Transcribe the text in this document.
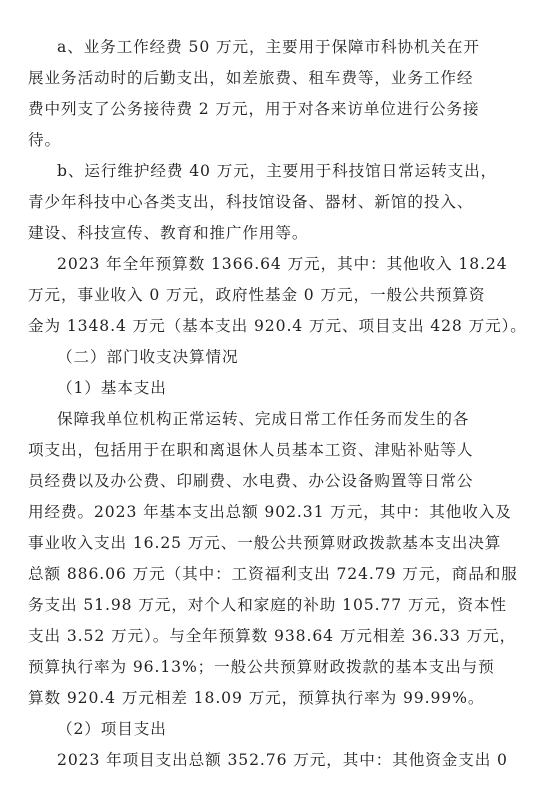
a、业务工作经费 50 万元，主要用于保障市科协机关在开
展业务活动时的后勤支出，如差旅费、租车费等，业务工作经
费中列支了公务接待费 2 万元，用于对各来访单位进行公务接
待。
b、运行维护经费 40 万元，主要用于科技馆日常运转支出，
青少年科技中心各类支出，科技馆设备、器材、新馆的投入、
建设、科技宣传、教育和推广作用等。
2023 年全年预算数 1366.64 万元，其中：其他收入 18.24
万元，事业收入 0 万元，政府性基金 0 万元，一般公共预算资
金为 1348.4 万元（基本支出 920.4 万元、项目支出 428 万元）。
（二）部门收支决算情况
（1）基本支出
保障我单位机构正常运转、完成日常工作任务而发生的各
项支出，包括用于在职和离退休人员基本工资、津贴补贴等人
员经费以及办公费、印刷费、水电费、办公设备购置等日常公
用经费。2023 年基本支出总额 902.31 万元，其中：其他收入及
事业收入支出 16.25 万元、一般公共预算财政拨款基本支出决算
总额 886.06 万元（其中：工资福利支出 724.79 万元，商品和服
务支出 51.98 万元，对个人和家庭的补助 105.77 万元，资本性
支出 3.52 万元）。与全年预算数 938.64 万元相差 36.33 万元，
预算执行率为 96.13%；一般公共预算财政拨款的基本支出与预
算数 920.4 万元相差 18.09 万元，预算执行率为 99.99%。
（2）项目支出
2023 年项目支出总额 352.76 万元，其中：其他资金支出 0
